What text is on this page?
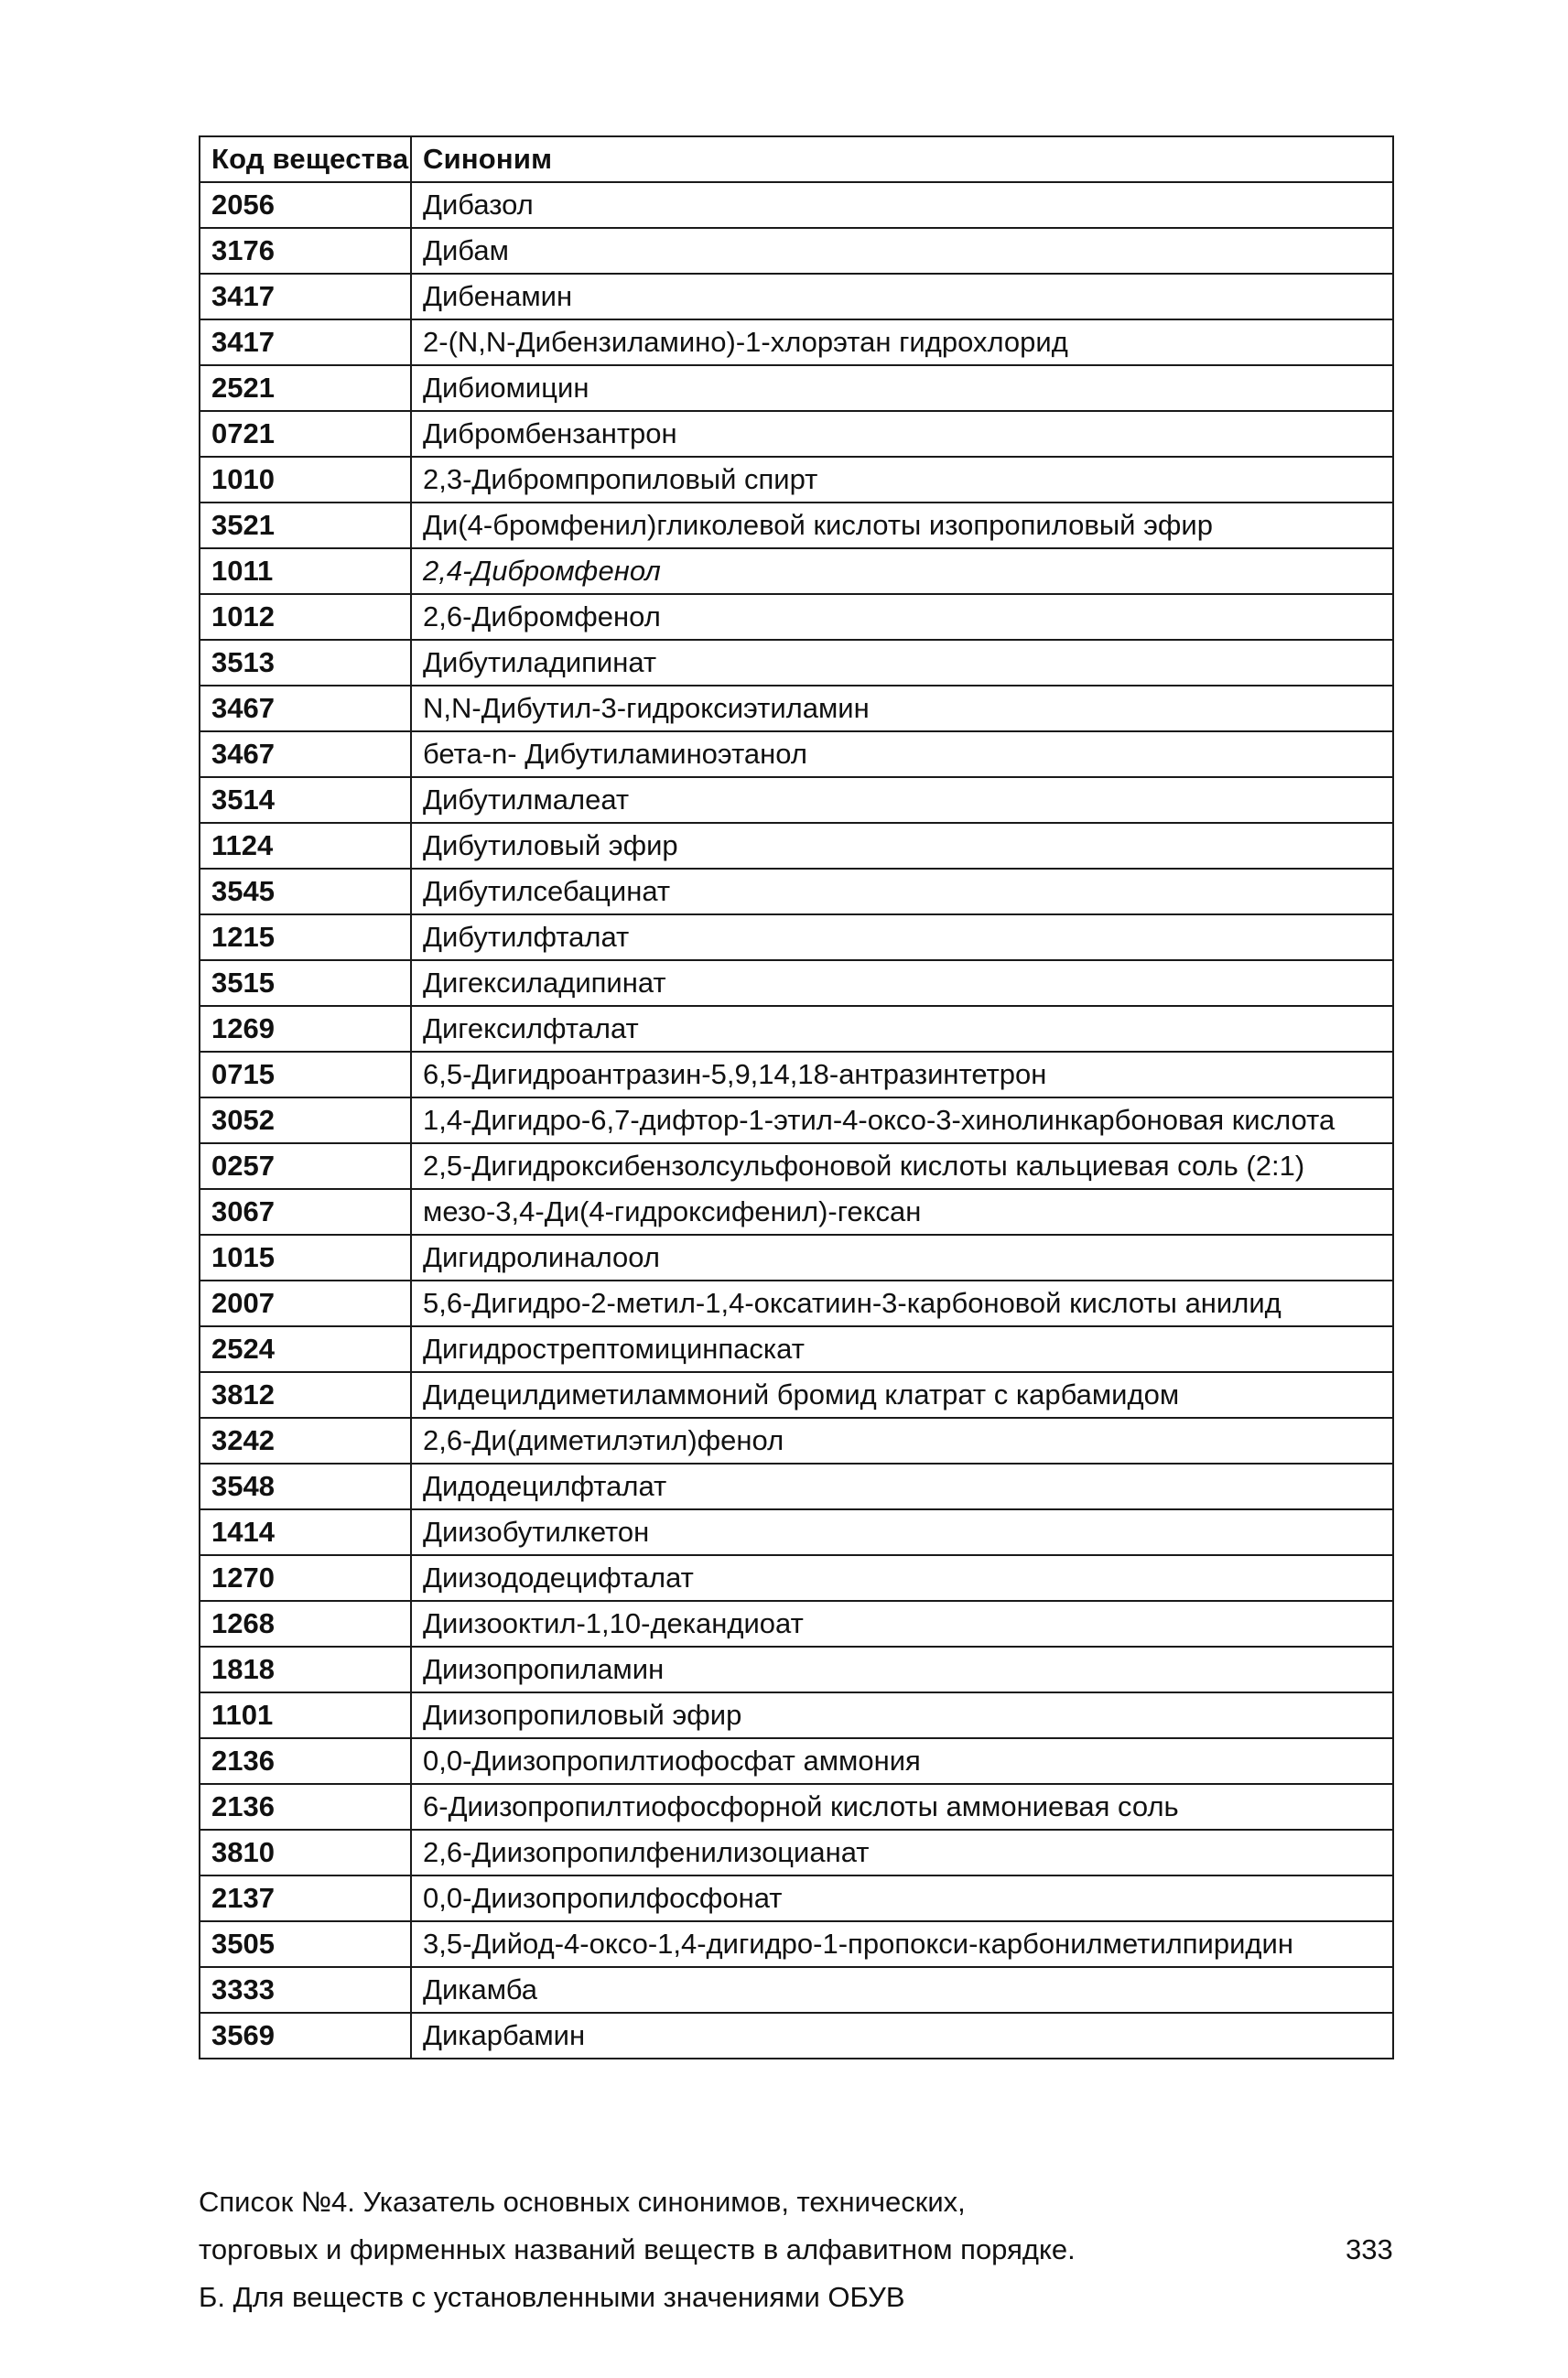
Код вещества	Синоним
2056	Дибазол
3176	Дибам
3417	Дибенамин
3417	2-(N,N-Дибензиламино)-1-хлорэтан гидрохлорид
2521	Дибиомицин
0721	Дибромбензантрон
1010	2,3-Дибромпропиловый спирт
3521	Ди(4-бромфенил)гликолевой кислоты изопропиловый эфир
1011	2,4-Дибромфенол
1012	2,6-Дибромфенол
3513	Дибутиладипинат
3467	N,N-Дибутил-3-гидроксиэтиламин
3467	бета-n- Дибутиламиноэтанол
3514	Дибутилмалеат
1124	Дибутиловый эфир
3545	Дибутилсебацинат
1215	Дибутилфталат
3515	Дигексиладипинат
1269	Дигексилфталат
0715	6,5-Дигидроантразин-5,9,14,18-антразинтетрон
3052	1,4-Дигидро-6,7-дифтор-1-этил-4-оксо-3-хинолинкарбоновая кислота
0257	2,5-Дигидроксибензолсульфоновой кислоты кальциевая соль (2:1)
3067	мезо-3,4-Ди(4-гидроксифенил)-гексан
1015	Дигидролиналоол
2007	5,6-Дигидро-2-метил-1,4-оксатиин-3-карбоновой кислоты анилид
2524	Дигидрострептомицинпаскат
3812	Дидецилдиметиламмоний бромид клатрат с карбамидом
3242	2,6-Ди(диметилэтил)фенол
3548	Дидодецилфталат
1414	Диизобутилкетон
1270	Диизододецифталат
1268	Диизооктил-1,10-декандиоат
1818	Диизопропиламин
1101	Диизопропиловый эфир
2136	0,0-Диизопропилтиофосфат аммония
2136	6-Диизопропилтиофосфорной кислоты аммониевая соль
3810	2,6-Диизопропилфенилизоцианат
2137	0,0-Диизопропилфосфонат
3505	3,5-Дийод-4-оксо-1,4-дигидро-1-пропокси-карбонилметилпиридин
3333	Дикамба
3569	Дикарбамин
Список №4. Указатель основных синонимов, технических,
торговых и фирменных названий веществ в алфавитном порядке.
Б. Для веществ с установленными значениями ОБУВ
333
